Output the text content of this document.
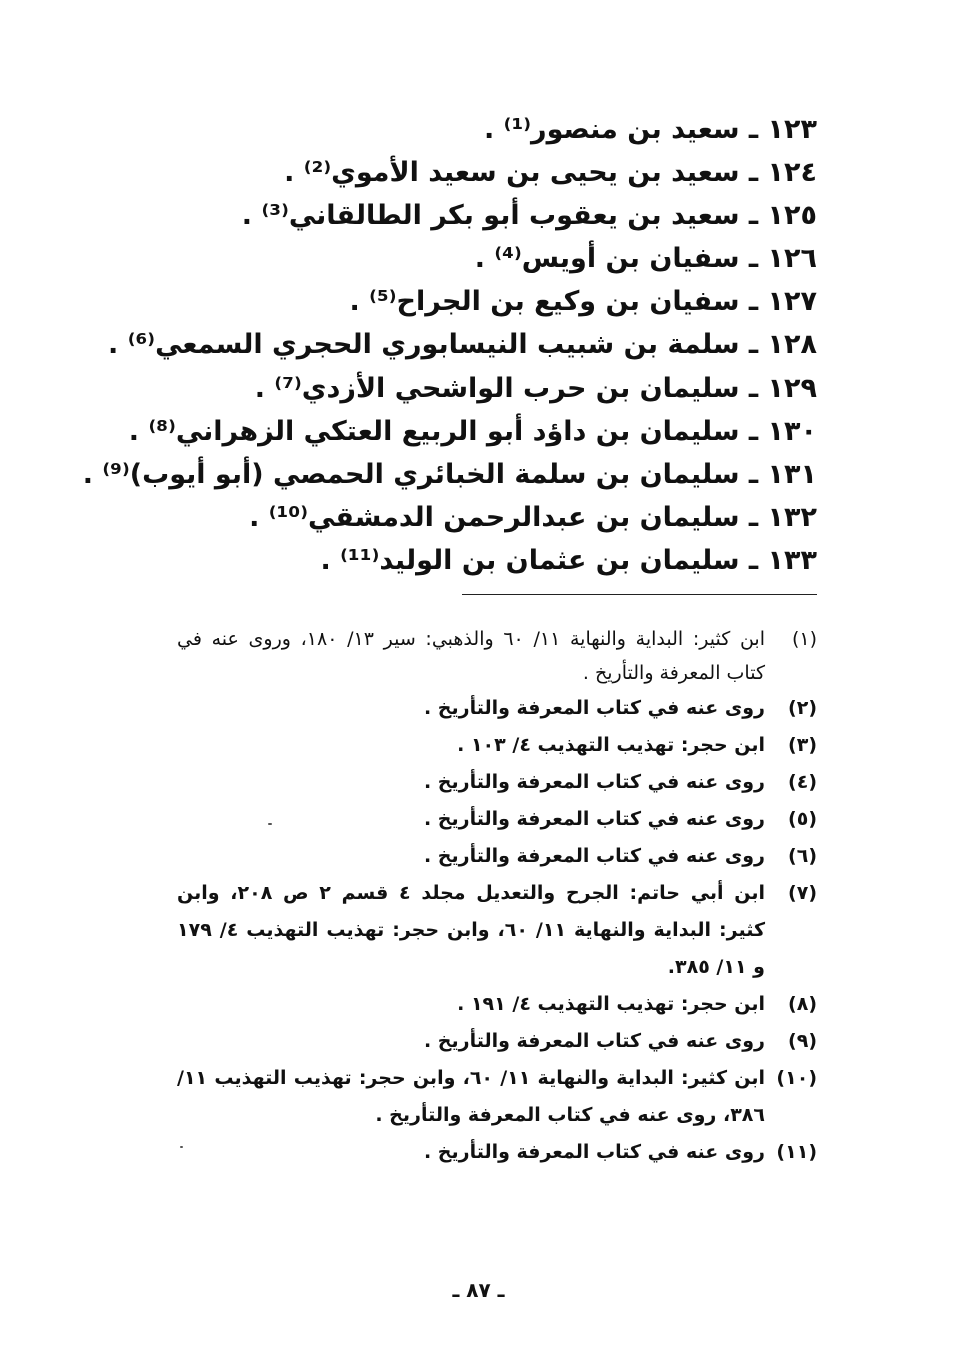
١٢٣ ـ سعيد بن منصور⁽¹⁾ .
١٢٤ ـ سعيد بن يحيى بن سعيد الأموي⁽²⁾ .
١٢٥ ـ سعيد بن يعقوب أبو بكر الطالقاني⁽³⁾ .
١٢٦ ـ سفيان بن أويس⁽⁴⁾ .
١٢٧ ـ سفيان بن وكيع بن الجراح⁽⁵⁾ .
١٢٨ ـ سلمة بن شبيب النيسابوري الحجري السمعي⁽⁶⁾ .
١٢٩ ـ سليمان بن حرب الواشحي الأزدي⁽⁷⁾ .
١٣٠ ـ سليمان بن داؤد أبو الربيع العتكي الزهراني⁽⁸⁾ .
١٣١ ـ سليمان بن سلمة الخبائري الحمصي (أبو أيوب)⁽⁹⁾ .
١٣٢ ـ سليمان بن عبدالرحمن الدمشقي⁽¹⁰⁾ .
١٣٣ ـ سليمان بن عثمان بن الوليد⁽¹¹⁾ .
(١)
ابن كثير: البداية والنهاية ١١/ ٦٠ والذهبي: سير ١٣/ ١٨٠، وروى عنه في كتاب المعرفة والتأريخ .
(٢)
روى عنه في كتاب المعرفة والتأريخ .
(٣)
ابن حجر: تهذيب التهذيب ٤/ ١٠٣ .
(٤)
روى عنه في كتاب المعرفة والتأريخ .
(٥)
روى عنه في كتاب المعرفة والتأريخ .
(٦)
روى عنه في كتاب المعرفة والتأريخ .
(٧)
ابن أبي حاتم: الجرح والتعديل مجلد ٤ قسم ٢ ص ٢٠٨، وابن كثير: البداية والنهاية ١١/ ٦٠، وابن حجر: تهذيب التهذيب ٤/ ١٧٩ و ١١/ ٣٨٥.
(٨)
ابن حجر: تهذيب التهذيب ٤/ ١٩١ .
(٩)
روى عنه في كتاب المعرفة والتأريخ .
(١٠)
ابن كثير: البداية والنهاية ١١/ ٦٠، وابن حجر: تهذيب التهذيب ١١/ ٣٨٦، روى عنه في كتاب المعرفة والتأريخ .
(١١)
روى عنه في كتاب المعرفة والتأريخ .
ـ ٨٧ ـ
